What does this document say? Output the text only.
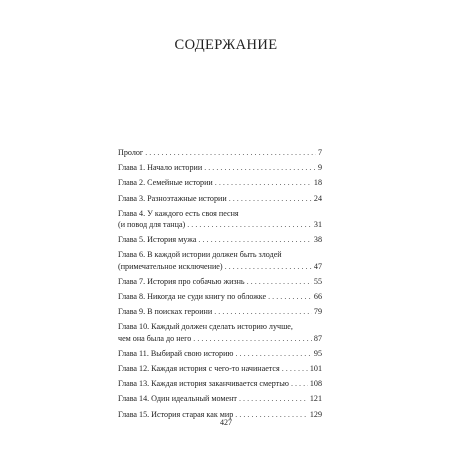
СОДЕРЖАНИЕ
Пролог . . .	7
Глава 1. Начало истории . . .	9
Глава 2. Семейные истории . . .	18
Глава 3. Разноэтажные истории . . .	24
Глава 4. У каждого есть своя песня
(и повод для танца) . . .	31
Глава 5. История мужа . . .	38
Глава 6. В каждой истории должен быть злодей
(примечательное исключение) . . .	47
Глава 7. История про собачью жизнь . . .	55
Глава 8. Никогда не суди книгу по обложке . . .	66
Глава 9. В поисках героини . . .	79
Глава 10. Каждый должен сделать историю лучше,
чем она была до него . . .	87
Глава 11. Выбирай свою историю . . .	95
Глава 12. Каждая история с чего-то начинается . . .	101
Глава 13. Каждая история заканчивается смертью . . .	108
Глава 14. Один идеальный момент . . .	121
Глава 15. История старая как мир . . .	129
427
